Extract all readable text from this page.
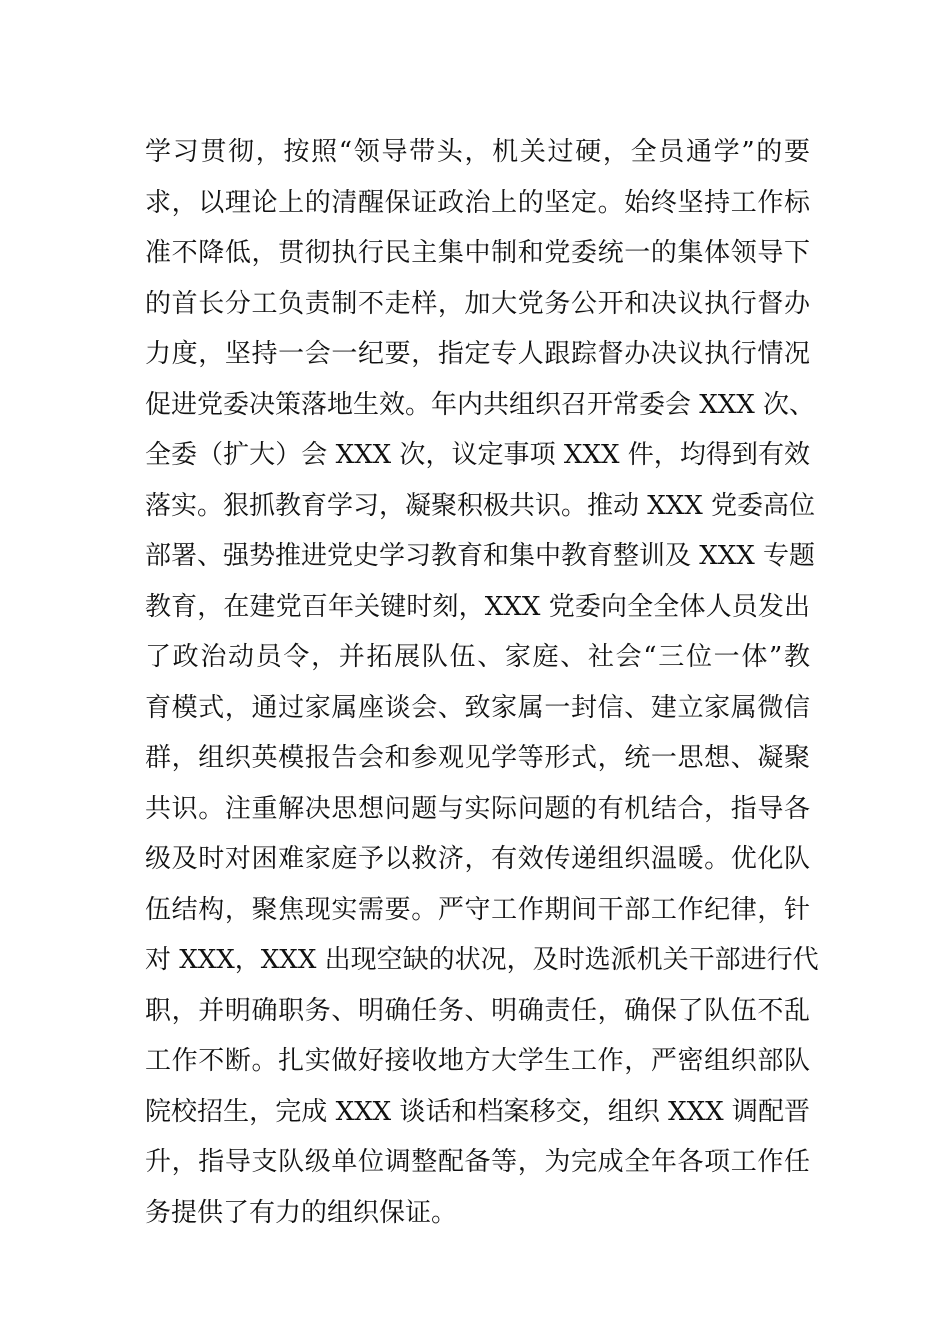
学习贯彻，按照“领导带头，机关过硬，全员通学”的要
求，以理论上的清醒保证政治上的坚定。始终坚持工作标
准不降低，贯彻执行民主集中制和党委统一的集体领导下
的首长分工负责制不走样，加大党务公开和决议执行督办
力度，坚持一会一纪要，指定专人跟踪督办决议执行情况
促进党委决策落地生效。年内共组织召开常委会 XXX 次、
全委（扩大）会 XXX 次，议定事项 XXX 件，均得到有效
落实。狠抓教育学习，凝聚积极共识。推动 XXX 党委高位
部署、强势推进党史学习教育和集中教育整训及 XXX 专题
教育，在建党百年关键时刻，XXX 党委向全全体人员发出
了政治动员令，并拓展队伍、家庭、社会“三位一体”教
育模式，通过家属座谈会、致家属一封信、建立家属微信
群，组织英模报告会和参观见学等形式，统一思想、凝聚
共识。注重解决思想问题与实际问题的有机结合，指导各
级及时对困难家庭予以救济，有效传递组织温暖。优化队
伍结构，聚焦现实需要。严守工作期间干部工作纪律，针
对 XXX，XXX 出现空缺的状况，及时选派机关干部进行代
职，并明确职务、明确任务、明确责任，确保了队伍不乱
工作不断。扎实做好接收地方大学生工作，严密组织部队
院校招生，完成 XXX 谈话和档案移交，组织 XXX 调配晋
升，指导支队级单位调整配备等，为完成全年各项工作任
务提供了有力的组织保证。
